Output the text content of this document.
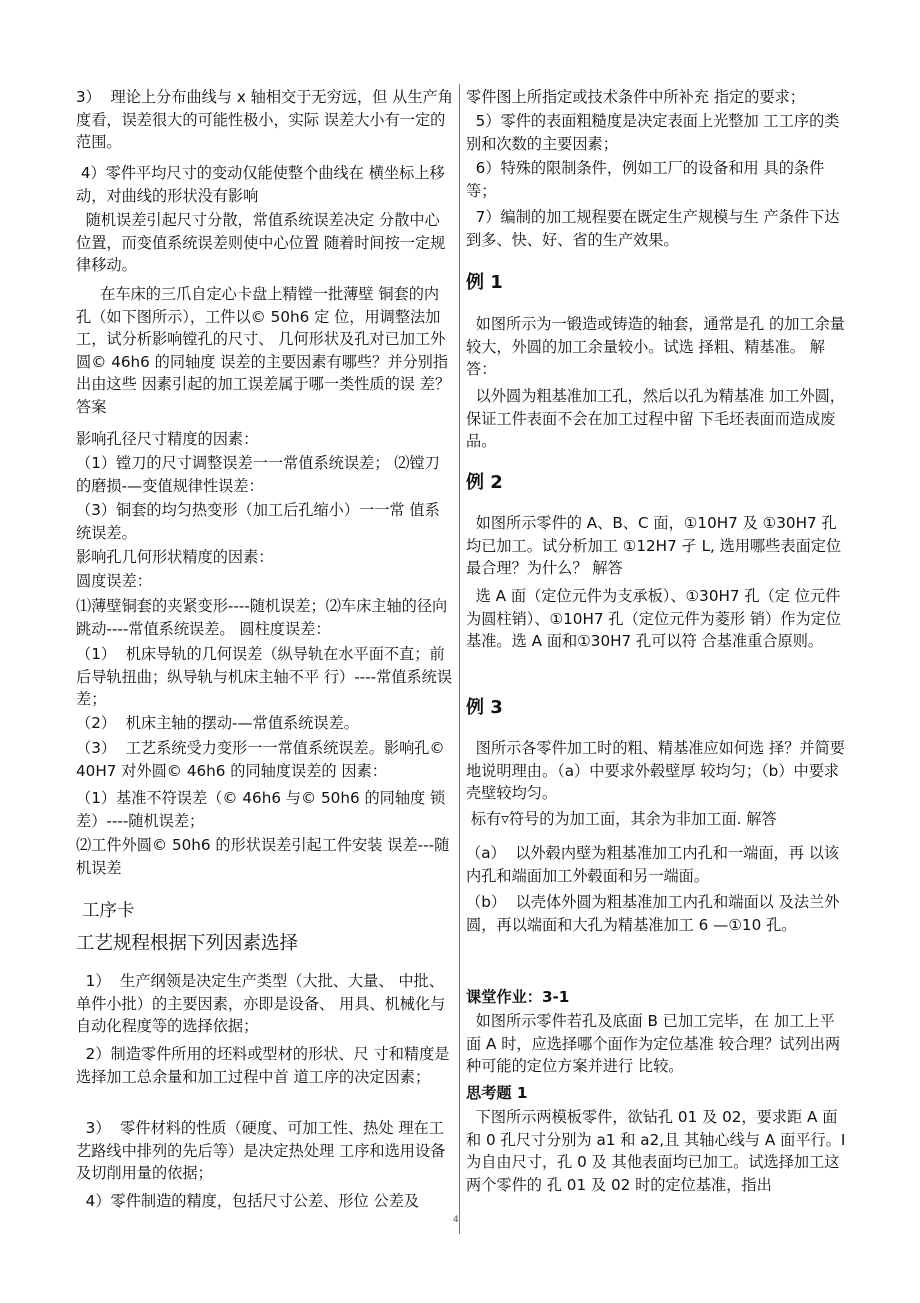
3）  理论上分布曲线与 x 轴相交于无穷远，但 从生产角度看，误差很大的可能性极小，实际 误差大小有一定的范围。

4）零件平均尺寸的变动仅能使整个曲线在 横坐标上移动，对曲线的形状没有影响

随机误差引起尺寸分散，常值系统误差决定 分散中心位置，而变值系统误差则使中心位置 随着时间按一定规律移动。

在车床的三爪自定心卡盘上精镗一批薄壁 铜套的内孔（如下图所示），工件以© 50h6 定 位，用调整法加工，试分析影响镗孔的尺寸、 几何形状及孔对已加工外圆© 46h6 的同轴度 误差的主要因素有哪些？并分别指出由这些 因素引起的加工误差属于哪一类性质的误 差？ 答案

影响孔径尺寸精度的因素：

（1）镗刀的尺寸调整误差一一常值系统误差； ⑵镗刀的磨损-—变值规律性误差：

（3）铜套的均匀热变形（加工后孔缩小）一一常 值系统误差。

影响孔几何形状精度的因素：

圆度误差：

⑴薄壁铜套的夹紧变形----随机误差；⑵车床主轴的径向跳动----常值系统误差。 圆柱度误差：

（1）  机床导轨的几何误差（纵导轨在水平面不直；前后导轨扭曲；纵导轨与机床主轴不平 行）----常值系统误差；

（2）  机床主轴的摆动-—常值系统误差。

（3）  工艺系统受力变形一一常值系统误差。影响孔© 40H7 对外圆© 46h6 的同轴度误差的 因素：

（1）基准不符误差（© 46h6 与© 50h6 的同轴度 锁差）----随机误差；

⑵工件外圆© 50h6 的形状误差引起工件安装 误差---随机误差

工序卡
工艺规程根据下列因素选择

1）  生产纲领是决定生产类型（大批、大量、 中批、单件小批）的主要因素，亦即是设备、 用具、机械化与自动化程度等的选择依据；

2）制造零件所用的坯料或型材的形状、尺 寸和精度是选择加工总余量和加工过程中首 道工序的决定因素；

3）  零件材料的性质（硬度、可加工性、热处 理在工艺路线中排列的先后等）是决定热处理 工序和选用设备及切削用量的依据；

4）零件制造的精度，包括尺寸公差、形位 公差及

零件图上所指定或技术条件中所补充 指定的要求；

5）零件的表面粗糙度是决定表面上光整加 工工序的类别和次数的主要因素；

6）特殊的限制条件，例如工厂的设备和用 具的条件等；

7）编制的加工规程要在既定生产规模与生 产条件下达到多、快、好、省的生产效果。

例 1

如图所示为一锻造或铸造的轴套，通常是孔 的加工余量较大，外圆的加工余量较小。试选 择粗、精基准。 解答：

以外圆为粗基准加工孔，然后以孔为精基准 加工外圆，保证工件表面不会在加工过程中留 下毛坯表面而造成废品。

例 2

如图所示零件的 A、B、C 面，①10H7 及 ①30H7 孔均已加工。试分析加工 ①12H7 孑 L, 选用哪些表面定位最合理？为什么？ 解答

选 A 面（定位元件为支承板）、①30H7 孔（定 位元件为圆柱销）、①10H7 孔（定位元件为菱形 销）作为定位基准。选 A 面和①30H7 孔可以符 合基准重合原则。

例 3

图所示各零件加工时的粗、精基准应如何选 择？并简要地说明理由。（a）中要求外毂壁厚 较均匀；（b）中要求壳壁较均匀。

标有▿符号的为加工面，其余为非加工面. 解答

（a）  以外毂内壁为粗基准加工内孔和一端面，再 以该内孔和端面加工外毂面和另一端面。

（b）  以壳体外圆为粗基准加工内孔和端面以 及法兰外圆，再以端面和大孔为精基准加工 6 —①10 孔。

课堂作业：3-1

如图所示零件若孔及底面 B 已加工完毕，在 加工上平面 A 时，应选择哪个面作为定位基准 较合理？试列出两种可能的定位方案并进行 比较。

思考题 1

下图所示两模板零件，欲钻孔 01 及 02，要求距 A 面和 0 孔尺寸分别为 a1 和 a2,且 其轴心线与 A 面平行。I 为自由尺寸，孔 0 及 其他表面均已加工。试选择加工这两个零件的 孔 01 及 02 时的定位基准，指出

4
